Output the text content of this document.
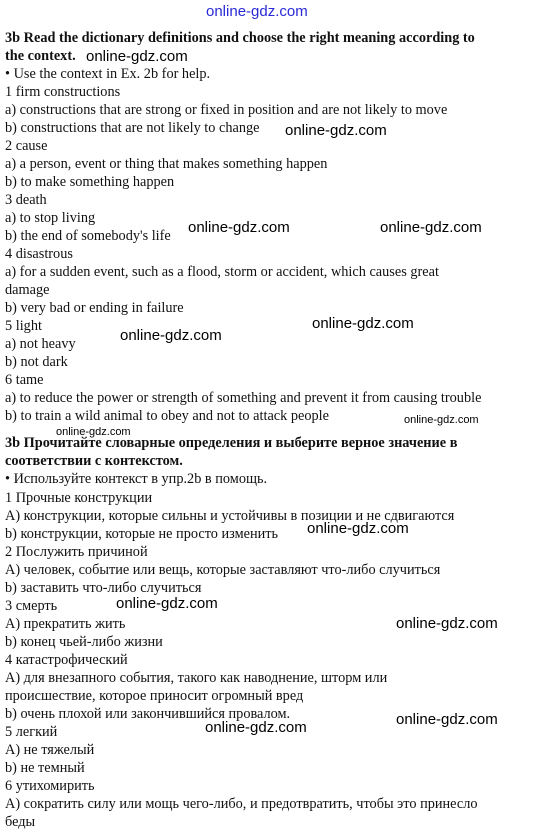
online-gdz.com
3b Read the dictionary definitions and choose the right meaning according to
the context.
• Use the context in Ex. 2b for help.
1 firm constructions
a) constructions that are strong or fixed in position and are not likely to move
b) constructions that are not likely to change
2 cause
a) a person, event or thing that makes something happen
b) to make something happen
3 death
a) to stop living
b) the end of somebody's life
4 disastrous
a) for a sudden event, such as a flood, storm or accident, which causes great
damage
b) very bad or ending in failure
5 light
a) not heavy
b) not dark
6 tame
a) to reduce the power or strength of something and prevent it from causing trouble
b) to train a wild animal to obey and not to attack people
3b Прочитайте словарные определения и выберите верное значение в
соответствии с контекстом.
• Используйте контекст в упр.2b в помощь.
1 Прочные конструкции
А) конструкции, которые сильны и устойчивы в позиции и не сдвигаются
b) конструкции, которые не просто изменить
2 Послужить причиной
А) человек, событие или вещь, которые заставляют что-либо случиться
b) заставить что-либо случиться
3 смерть
А) прекратить жить
b) конец чьей-либо жизни
4 катастрофический
А) для внезапного события, такого как наводнение, шторм или
происшествие, которое приносит огромный вред
b) очень плохой или закончившийся провалом.
5 легкий
А) не тяжелый
b) не темный
6 утихомирить
А) сократить силу или мощь чего-либо, и предотвратить, чтобы это принесло
беды
online-gdz.com
online-gdz.com
online-gdz.com	online-gdz.com
online-gdz.com
online-gdz.com
online-gdz.com
online-gdz.com
online-gdz.com
online-gdz.com
online-gdz.com
online-gdz.com
online-gdz.com
